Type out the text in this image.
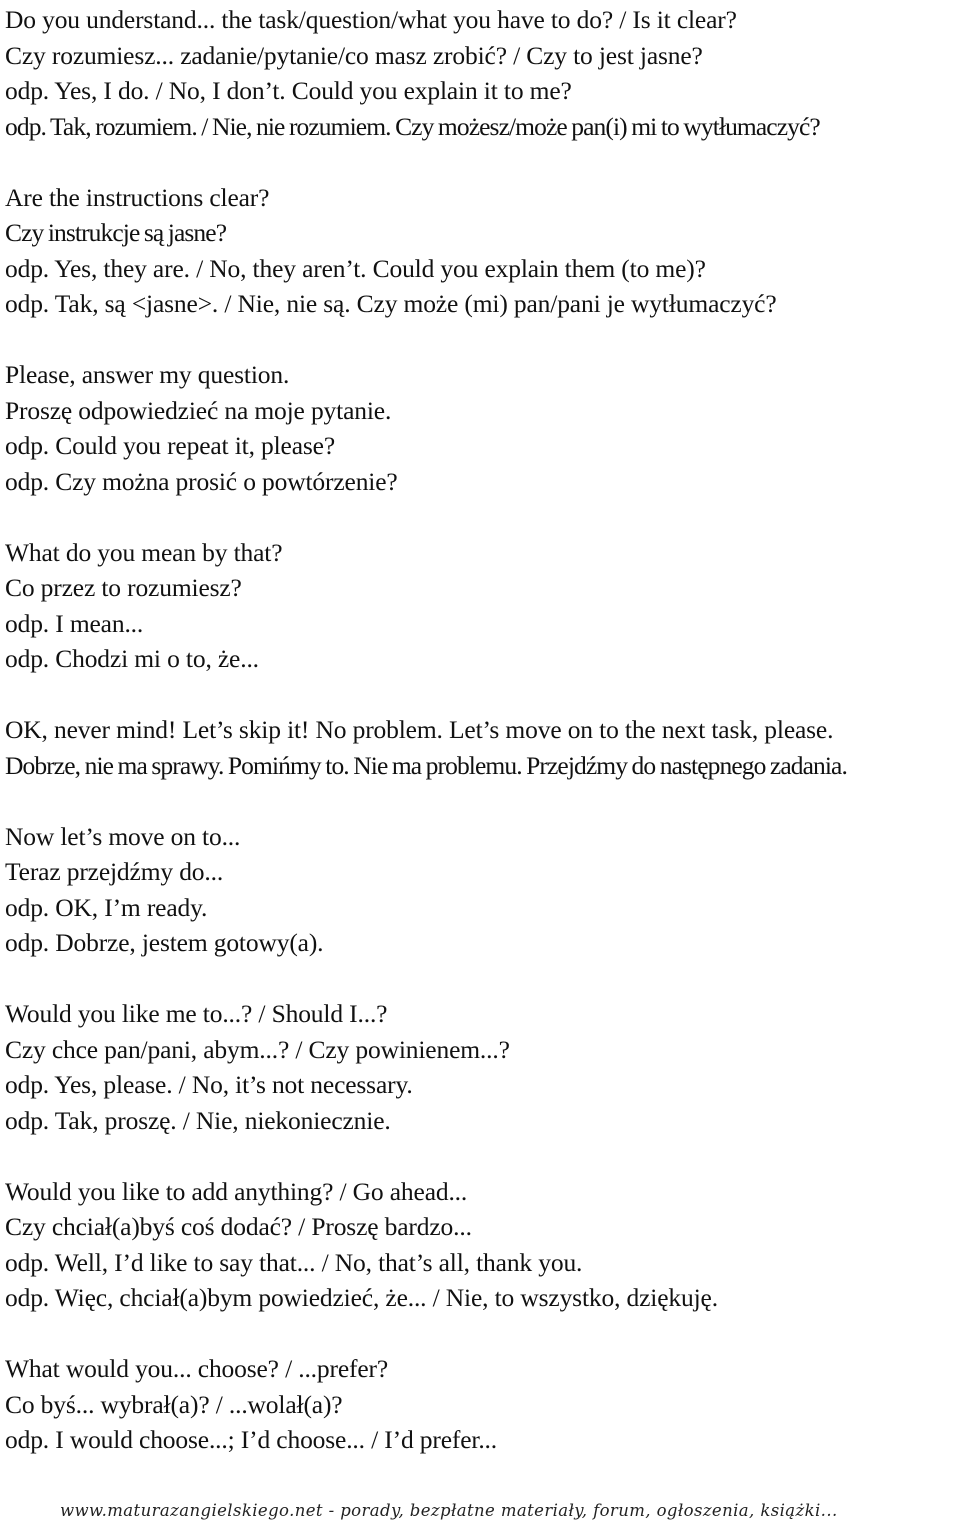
Do you understand... the task/question/what you have to do? / Is it clear?
Czy rozumiesz... zadanie/pytanie/co masz zrobić? / Czy to jest jasne?
odp. Yes, I do. / No, I don’t. Could you explain it to me?
odp. Tak, rozumiem. / Nie, nie rozumiem. Czy możesz/może pan(i) mi to wytłumaczyć?
Are the instructions clear?
Czy instrukcje są jasne?
odp. Yes, they are. / No, they aren’t. Could you explain them (to me)?
odp. Tak, są <jasne>. / Nie, nie są. Czy może (mi) pan/pani je wytłumaczyć?
Please, answer my question.
Proszę odpowiedzieć na moje pytanie.
odp. Could you repeat it, please?
odp. Czy można prosić o powtórzenie?
What do you mean by that?
Co przez to rozumiesz?
odp. I mean...
odp. Chodzi mi o to, że...
OK, never mind! Let’s skip it! No problem. Let’s move on to the next task, please.
Dobrze, nie ma sprawy. Pomińmy to. Nie ma problemu. Przejdźmy do następnego zadania.
Now let’s move on to...
Teraz przejdźmy do...
odp. OK, I’m ready.
odp. Dobrze, jestem gotowy(a).
Would you like me to...? / Should I...?
Czy chce pan/pani, abym...? / Czy powinienem...?
odp. Yes, please. / No, it’s not necessary.
odp. Tak, proszę. / Nie, niekoniecznie.
Would you like to add anything? / Go ahead...
Czy chciał(a)byś coś dodać? / Proszę bardzo...
odp. Well, I’d like to say that... / No, that’s all, thank you.
odp. Więc, chciał(a)bym powiedzieć, że... / Nie, to wszystko, dziękuję.
What would you... choose? / ...prefer?
Co byś... wybrał(a)? / ...wolał(a)?
odp. I would choose...; I’d choose... / I’d prefer...
www.maturazangielskiego.net - porady, bezpłatne materiały, forum, ogłoszenia, książki...
